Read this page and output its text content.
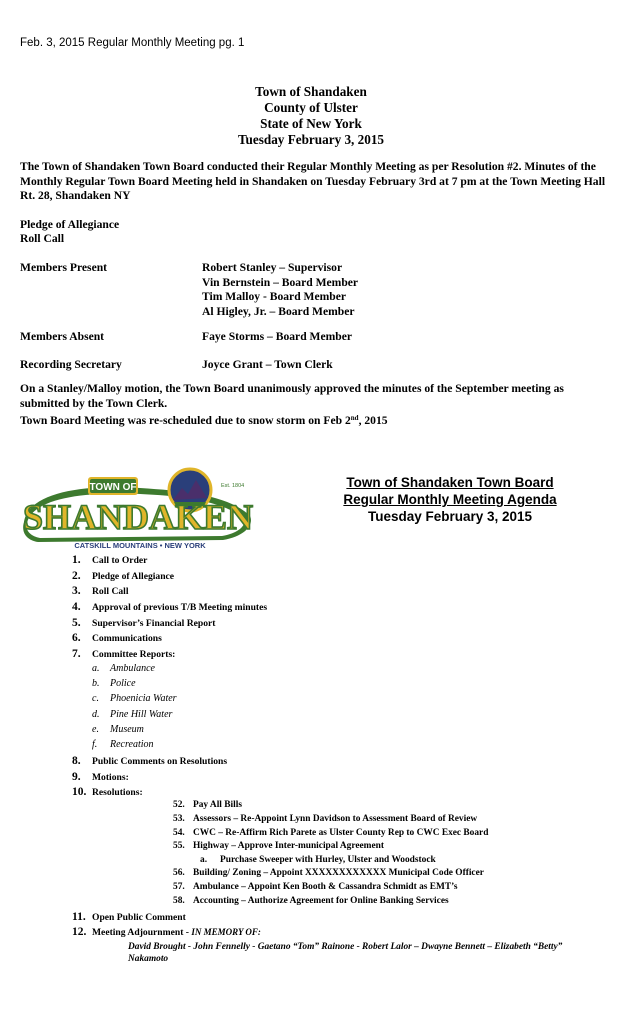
Feb. 3, 2015 Regular Monthly Meeting pg. 1
Town of Shandaken
County of Ulster
State of New York
Tuesday February 3, 2015
The Town of Shandaken Town Board conducted their Regular Monthly Meeting as per Resolution #2. Minutes of the Monthly Regular Town Board Meeting held in Shandaken on Tuesday February 3rd at 7 pm at the Town Meeting Hall Rt. 28, Shandaken NY
Pledge of Allegiance
Roll Call
Members Present	Robert Stanley – Supervisor
Vin Bernstein – Board Member
Tim Malloy - Board Member
Al Higley, Jr. – Board Member
Members Absent	Faye Storms – Board Member
Recording Secretary	Joyce Grant – Town Clerk
On a Stanley/Malloy motion, the Town Board unanimously approved the minutes of the September meeting as submitted by the Town Clerk.
Town Board Meeting was re-scheduled due to snow storm on Feb 2nd, 2015
TOWN OF	Est. 1804
SHANDAKEN
CATSKILL MOUNTAINS • NEW YORK
Town of Shandaken Town Board
Regular Monthly Meeting Agenda
Tuesday February 3, 2015
1. Call to Order
2. Pledge of Allegiance
3. Roll Call
4. Approval of previous T/B Meeting minutes
5. Supervisor’s Financial Report
6. Communications
7. Committee Reports:
a. Ambulance
b. Police
c. Phoenicia Water
d. Pine Hill Water
e. Museum
f. Recreation
8. Public Comments on Resolutions
9. Motions:
10. Resolutions:
52. Pay All Bills
53. Assessors – Re-Appoint Lynn Davidson to Assessment Board of Review
54. CWC – Re-Affirm Rich Parete as Ulster County Rep to CWC Exec Board
55. Highway – Approve Inter-municipal Agreement
a. Purchase Sweeper with Hurley, Ulster and Woodstock
56. Building/ Zoning – Appoint XXXXXXXXXXXX Municipal Code Officer
57. Ambulance – Appoint Ken Booth & Cassandra Schmidt as EMT’s
58. Accounting – Authorize Agreement for Online Banking Services
11. Open Public Comment
12. Meeting Adjournment - IN MEMORY OF:
David Brought - John Fennelly - Gaetano “Tom” Rainone - Robert Lalor – Dwayne Bennett – Elizabeth “Betty” Nakamoto
